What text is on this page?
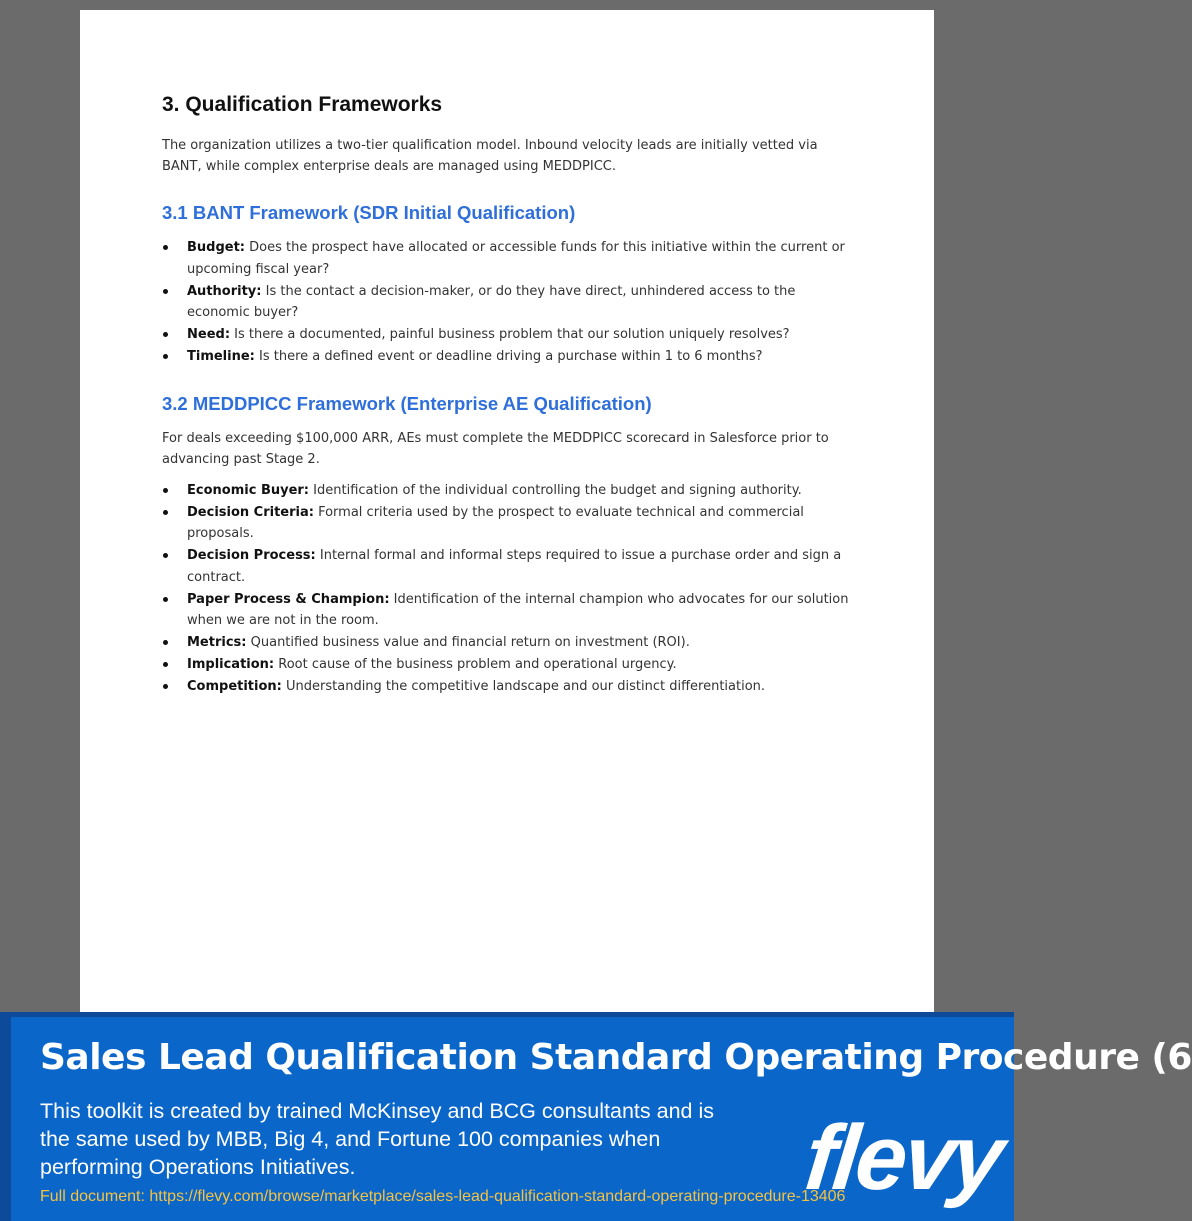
3. Qualification Frameworks

The organization utilizes a two-tier qualification model. Inbound velocity leads are initially vetted via BANT, while complex enterprise deals are managed using MEDDPICC.

3.1 BANT Framework (SDR Initial Qualification)
Budget: Does the prospect have allocated or accessible funds for this initiative within the current or upcoming fiscal year?
Authority: Is the contact a decision-maker, or do they have direct, unhindered access to the economic buyer?
Need: Is there a documented, painful business problem that our solution uniquely resolves?
Timeline: Is there a defined event or deadline driving a purchase within 1 to 6 months?
3.2 MEDDPICC Framework (Enterprise AE Qualification)

For deals exceeding $100,000 ARR, AEs must complete the MEDDPICC scorecard in Salesforce prior to advancing past Stage 2.

Economic Buyer: Identification of the individual controlling the budget and signing authority.
Decision Criteria: Formal criteria used by the prospect to evaluate technical and commercial proposals.
Decision Process: Internal formal and informal steps required to issue a purchase order and sign a contract.
Paper Process & Champion: Identification of the internal champion who advocates for our solution when we are not in the room.
Metrics: Quantified business value and financial return on investment (ROI).
Implication: Root cause of the business problem and operational urgency.
Competition: Understanding the competitive landscape and our distinct differentiation.
Sales Lead Qualification Standard Operating Procedure (6
This toolkit is created by trained McKinsey and BCG consultants and is the same used by MBB, Big 4, and Fortune 100 companies when performing Operations Initiatives.
Full document: https://flevy.com/browse/marketplace/sales-lead-qualification-standard-operating-procedure-13406
flevy
